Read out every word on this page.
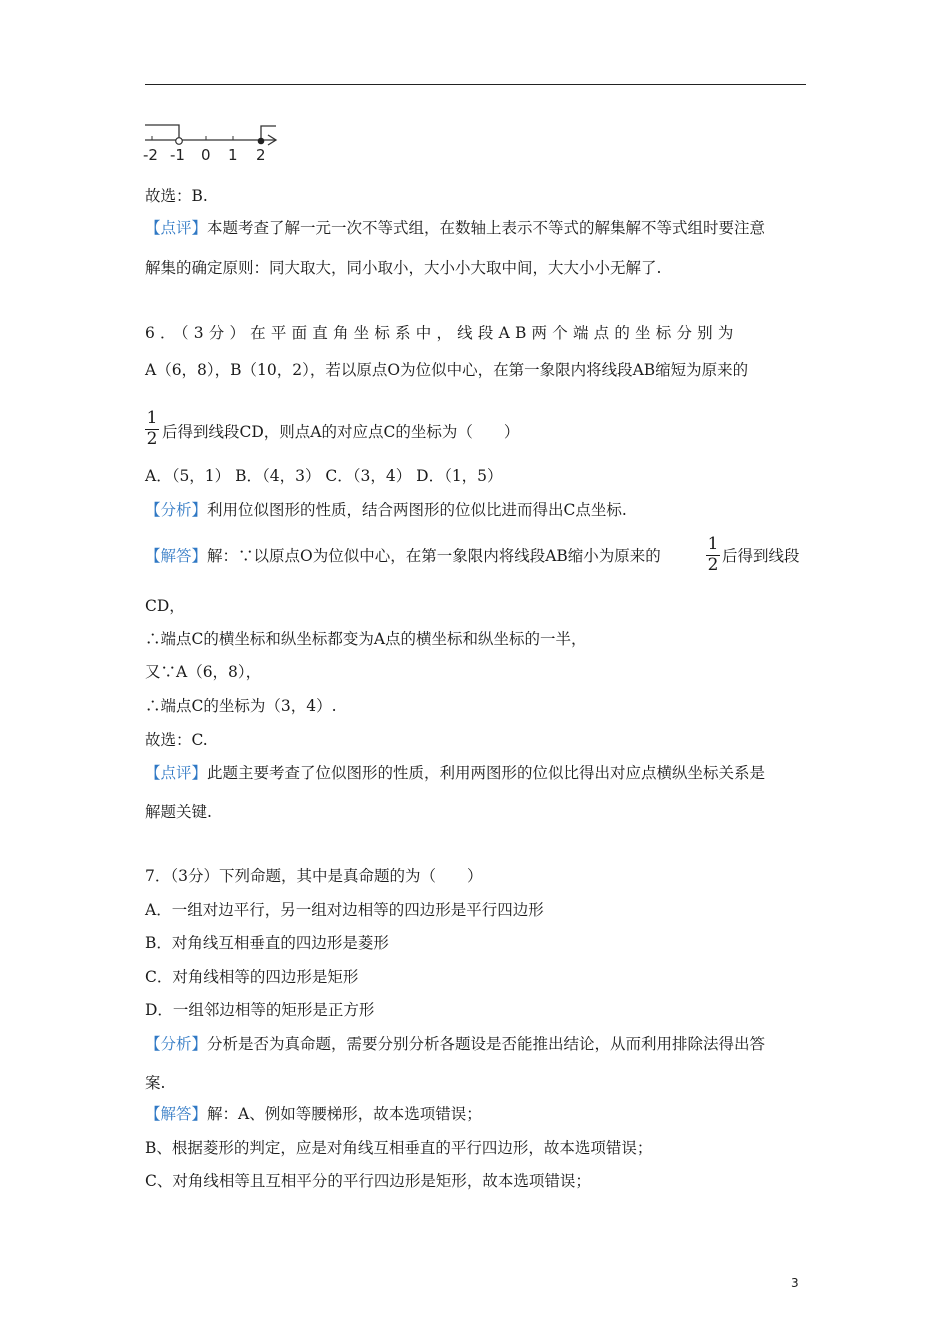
-2 -1 0 1 2
故选：B.
【点评】本题考查了解一元一次不等式组，在数轴上表示不等式的解集解不等式组时要注意
解集的确定原则：同大取大，同小取小，大小小大取中间，大大小小无解了.
6．（3分）在平面直角坐标系中，线段AB两个端点的坐标分别为
A（6，8），B（10，2），若以原点O为位似中心，在第一象限内将线段AB缩短为原来的
1
2 后得到线段CD，则点A的对应点C的坐标为（　　）
A．（5，1） B．（4，3） C．（3，4） D．（1，5）
【分析】利用位似图形的性质，结合两图形的位似比进而得出C点坐标.
【解答】解：∵以原点O为位似中心，在第一象限内将线段AB缩小为原来的
1
2 后得到线段
CD，
∴端点C的横坐标和纵坐标都变为A点的横坐标和纵坐标的一半，
又∵A（6，8），
∴端点C的坐标为（3，4）.
故选：C.
【点评】此题主要考查了位似图形的性质，利用两图形的位似比得出对应点横纵坐标关系是
解题关键.
7．（3分）下列命题，其中是真命题的为（　　）
A．一组对边平行，另一组对边相等的四边形是平行四边形
B．对角线互相垂直的四边形是菱形
C．对角线相等的四边形是矩形
D．一组邻边相等的矩形是正方形
【分析】分析是否为真命题，需要分别分析各题设是否能推出结论，从而利用排除法得出答
案.
【解答】解：A、例如等腰梯形，故本选项错误；
B、根据菱形的判定，应是对角线互相垂直的平行四边形，故本选项错误；
C、对角线相等且互相平分的平行四边形是矩形，故本选项错误；
3
